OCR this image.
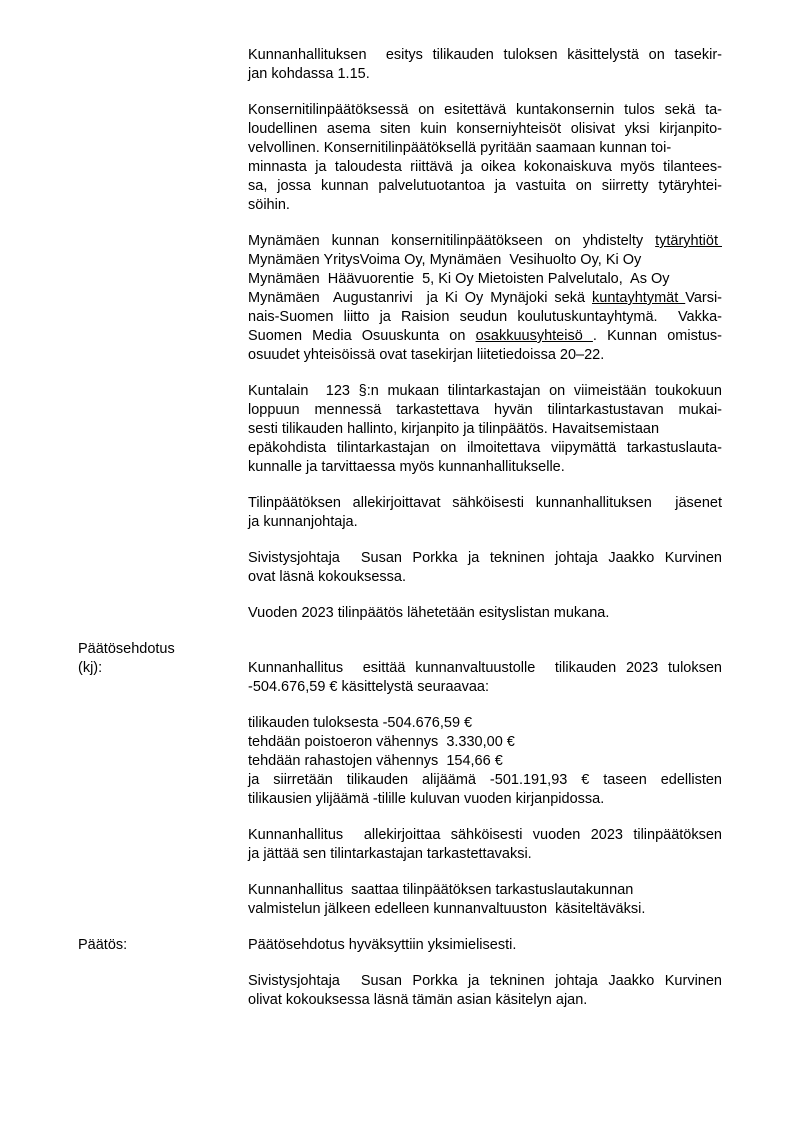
Kunnanhallituksen  esitys tilikauden tuloksen käsittelystä on tasekir-
jan kohdassa 1.15.
Konsernitilinpäätöksessä on esitettävä kuntakonsernin tulos sekä ta-
loudellinen asema siten kuin konserniyhteisöt olisivat yksi kirjanpito-
velvollinen. Konsernitilinpäätöksellä pyritään saamaan kunnan toi-
minnasta ja taloudesta riittävä ja oikea kokonaiskuva myös tilantees-
sa, jossa kunnan palvelutuotantoa ja vastuita on siirretty tytäryhtei-
söihin.
Mynämäen kunnan konsernitilinpäätökseen on yhdistelty tytäryhtiöt
Mynämäen YritysVoima Oy, Mynämäen  Vesihuolto Oy, Ki Oy
Mynämäen  Häävuorentie  5, Ki Oy Mietoisten Palvelutalo,  As Oy
Mynämäen  Augustanrivi  ja Ki Oy Mynäjoki sekä kuntayhtymät Varsi-
nais-Suomen liitto ja Raision seudun koulutuskuntayhtymä.  Vakka-
Suomen Media Osuuskunta on osakkuusyhteisö . Kunnan omistus-
osuudet yhteisöissä ovat tasekirjan liitetiedoissa 20–22.
Kuntalain  123 §:n mukaan tilintarkastajan on viimeistään toukokuun
loppuun mennessä tarkastettava hyvän tilintarkastustavan mukai-
sesti tilikauden hallinto, kirjanpito ja tilinpäätös. Havaitsemistaan
epäkohdista tilintarkastajan on ilmoitettava viipymättä tarkastuslauta-
kunnalle ja tarvittaessa myös kunnanhallitukselle.
Tilinpäätöksen allekirjoittavat sähköisesti kunnanhallituksen  jäsenet
ja kunnanjohtaja.
Sivistysjohtaja  Susan Porkka ja tekninen johtaja Jaakko Kurvinen
ovat läsnä kokouksessa.
Vuoden 2023 tilinpäätös lähetetään esityslistan mukana.
Päätösehdotus
(kj):	Kunnanhallitus  esittää kunnanvaltuustolle  tilikauden 2023 tuloksen
-504.676,59 € käsittelystä seuraavaa:
tilikauden tuloksesta -504.676,59 €
tehdään poistoeron vähennys  3.330,00 €
tehdään rahastojen vähennys  154,66 €
ja siirretään tilikauden alijäämä -501.191,93 € taseen edellisten
tilikausien ylijäämä -tilille kuluvan vuoden kirjanpidossa.
Kunnanhallitus  allekirjoittaa sähköisesti vuoden 2023 tilinpäätöksen
ja jättää sen tilintarkastajan tarkastettavaksi.
Kunnanhallitus  saattaa tilinpäätöksen tarkastuslautakunnan
valmistelun jälkeen edelleen kunnanvaltuuston  käsiteltäväksi.
Päätös:	Päätösehdotus hyväksyttiin yksimielisesti.
Sivistysjohtaja  Susan Porkka ja tekninen johtaja Jaakko Kurvinen
olivat kokouksessa läsnä tämän asian käsitelyn ajan.
